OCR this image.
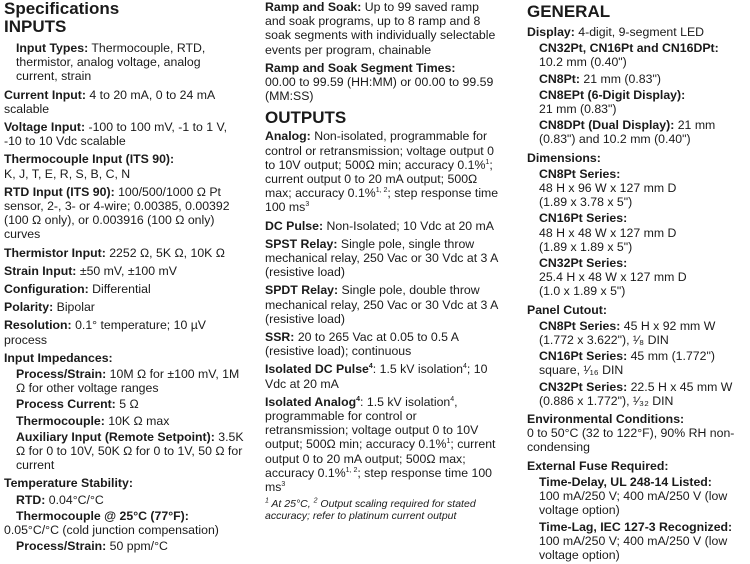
Specifications
INPUTS
Input Types: Thermocouple, RTD, thermistor, analog voltage, analog current, strain
Current Input: 4 to 20 mA, 0 to 24 mA scalable
Voltage Input: -100 to 100 mV, -1 to 1 V, -10 to 10 Vdc scalable
Thermocouple Input (ITS 90):
K, J, T, E, R, S, B, C, N
RTD Input (ITS 90): 100/500/1000 Ω Pt sensor, 2-, 3- or 4-wire; 0.00385, 0.00392 (100 Ω only), or 0.003916 (100 Ω only) curves
Thermistor Input: 2252 Ω, 5K Ω, 10K Ω
Strain Input: ±50 mV, ±100 mV
Configuration: Differential
Polarity: Bipolar
Resolution: 0.1° temperature; 10 µV process
Input Impedances:
Process/Strain: 10M Ω for ±100 mV, 1M Ω for other voltage ranges
Process Current: 5 Ω
Thermocouple: 10K Ω max
Auxiliary Input (Remote Setpoint): 3.5K Ω for 0 to 10V, 50K Ω for 0 to 1V, 50 Ω for current
Temperature Stability:
RTD: 0.04°C/°C
Thermocouple @ 25°C (77°F):
0.05°C/°C (cold junction compensation)
Process/Strain: 50 ppm/°C
Ramp and Soak: Up to 99 saved ramp and soak programs, up to 8 ramp and 8 soak segments with individually selectable events per program, chainable
Ramp and Soak Segment Times:
00.00 to 99.59 (HH:MM) or 00.00 to 99.59 (MM:SS)
OUTPUTS
Analog: Non-isolated, programmable for control or retransmission; voltage output 0 to 10V output; 500Ω min; accuracy 0.1%$^1$; current output 0 to 20 mA output; 500Ω max; accuracy 0.1%$^{1, 2}$; step response time 100 $ms^3$
DC Pulse: Non-Isolated; 10 Vdc at 20 mA
SPST Relay: Single pole, single throw mechanical relay, 250 Vac or 30 Vdc at 3 A (resistive load)
SPDT Relay: Single pole, double throw mechanical relay, 250 Vac or 30 Vdc at 3 A (resistive load)
SSR: 20 to 265 Vac at 0.05 to 0.5 A (resistive load); continuous
Isolated DC Pulse$^4$: 1.5 kV isolation$^4$; 10 Vdc at 20 mA
Isolated Analog$^4$: 1.5 kV isolation$^4$, programmable for control or retransmission; voltage output 0 to 10V output; 500Ω min; accuracy 0.1%$^1$; current output 0 to 20 mA output; 500Ω max; accuracy 0.1%$^{1, 2}$; step response time 100 $ms^3$
$^1$ At 25°C, $^2$ Output scaling required for stated accuracy; refer to platinum current output
GENERAL
Display: 4-digit, 9-segment LED
CN32Pt, CN16Pt and CN16DPt:
10.2 mm (0.40")
CN8Pt: 21 mm (0.83")
CN8EPt (6-Digit Display):
21 mm (0.83")
CN8DPt (Dual Display): 21 mm (0.83") and 10.2 mm (0.40")
Dimensions:
CN8Pt Series:
48 H x 96 W x 127 mm D
(1.89 x 3.78 x 5")
CN16Pt Series:
48 H x 48 W x 127 mm D
(1.89 x 1.89 x 5")
CN32Pt Series:
25.4 H x 48 W x 127 mm D
(1.0 x 1.89 x 5")
Panel Cutout:
CN8Pt Series: 45 H x 92 mm W (1.772 x 3.622"), ¹⁄₈ DIN
CN16Pt Series: 45 mm (1.772") square, ¹⁄₁₆ DIN
CN32Pt Series: 22.5 H x 45 mm W (0.886 x 1.772"), ¹⁄₃₂ DIN
Environmental Conditions:
0 to 50°C (32 to 122°F), 90% RH non-condensing
External Fuse Required:
Time-Delay, UL 248-14 Listed:
100 mA/250 V; 400 mA/250 V (low voltage option)
Time-Lag, IEC 127-3 Recognized:
100 mA/250 V; 400 mA/250 V (low voltage option)
